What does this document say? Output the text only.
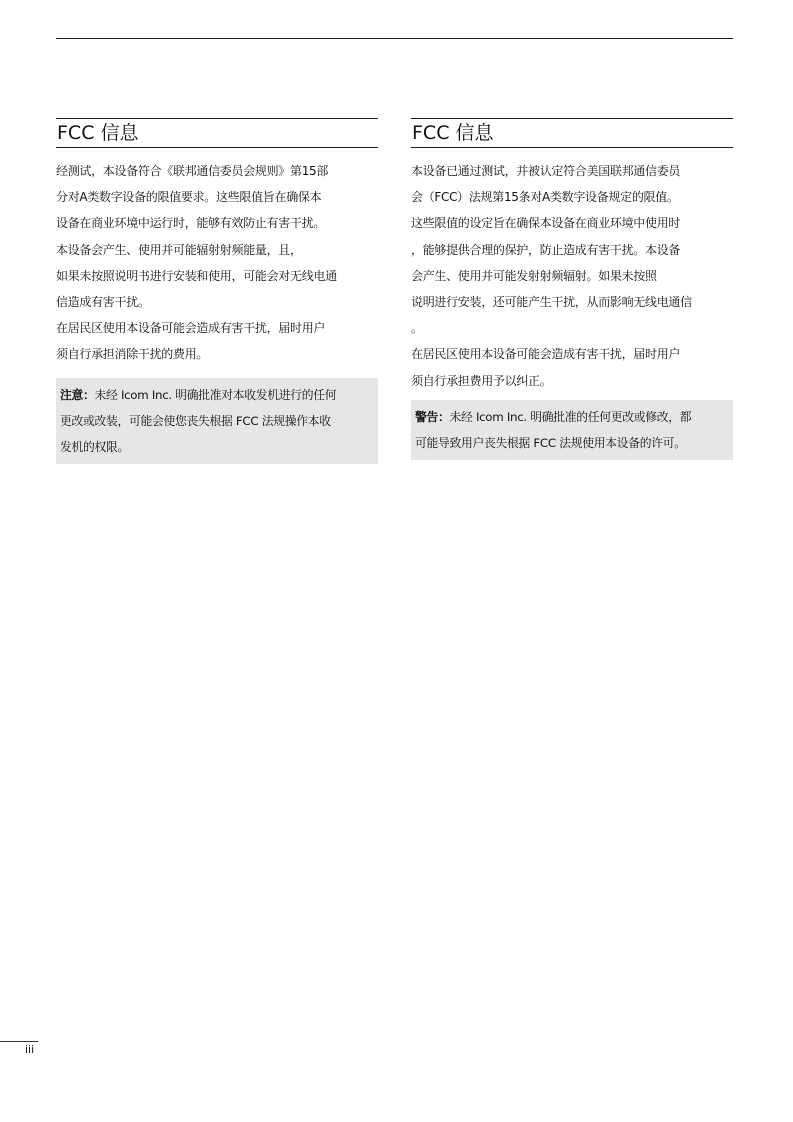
FCC 信息
经测试，本设备符合《联邦通信委员会规则》第15部
分对A类数字设备的限值要求。这些限值旨在确保本
设备在商业环境中运行时，能够有效防止有害干扰。
本设备会产生、使用并可能辐射射频能量，且，
如果未按照说明书进行安装和使用，可能会对无线电通
信造成有害干扰。
在居民区使用本设备可能会造成有害干扰，届时用户
须自行承担消除干扰的费用。
注意：未经 Icom Inc. 明确批准对本收发机进行的任何
更改或改装，可能会使您丧失根据 FCC 法规操作本收
发机的权限。
FCC 信息
本设备已通过测试，并被认定符合美国联邦通信委员
会（FCC）法规第15条对A类数字设备规定的限值。
这些限值的设定旨在确保本设备在商业环境中使用时
，能够提供合理的保护，防止造成有害干扰。本设备
会产生、使用并可能发射射频辐射。如果未按照
说明进行安装，还可能产生干扰，从而影响无线电通信
。
在居民区使用本设备可能会造成有害干扰，届时用户
须自行承担费用予以纠正。
警告：未经 Icom Inc. 明确批准的任何更改或修改，都
可能导致用户丧失根据 FCC 法规使用本设备的许可。
iii
